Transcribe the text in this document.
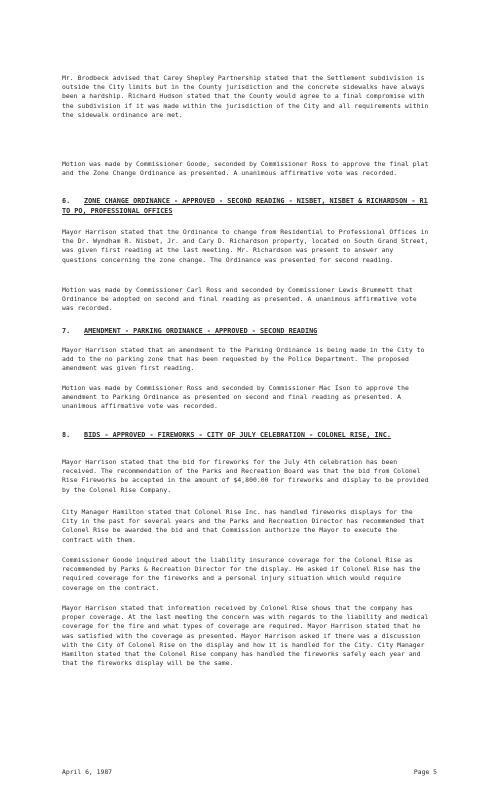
Mr. Brodbeck advised that Carey Shepley Partnership stated that the Settlement subdivision is outside the City limits but in the County jurisdiction and the concrete sidewalks have always been a hardship. Richard Hudson stated that the County would agree to a final compromise with the subdivision if it was made within the jurisdiction of the City and all requirements within the sidewalk ordinance are met.

Motion was made by Commissioner Goode, seconded by Commissioner Ross to approve the final plat and the Zone Change Ordinance as presented. A unanimous affirmative vote was recorded.

6. ZONE CHANGE ORDINANCE - APPROVED - SECOND READING - NISBET, NISBET & RICHARDSON - R1 TO PO, PROFESSIONAL OFFICES

Mayor Harrison stated that the Ordinance to change from Residential to Professional Offices in the Dr. Wyndham R. Nisbet, Jr. and Cary D. Richardson property, located on South Grand Street, was given first reading at the last meeting. Mr. Richardson was present to answer any questions concerning the zone change. The Ordinance was presented for second reading.

Motion was made by Commissioner Carl Ross and seconded by Commissioner Lewis Brummett that Ordinance be adopted on second and final reading as presented. A unanimous affirmative vote was recorded.

7. AMENDMENT - PARKING ORDINANCE - APPROVED - SECOND READING

Mayor Harrison stated that an amendment to the Parking Ordinance is being made in the City to add to the no parking zone that has been requested by the Police Department. The proposed amendment was given first reading.

Motion was made by Commissioner Ross and seconded by Commissioner Mac Ison to approve the amendment to Parking Ordinance as presented on second and final reading as presented. A unanimous affirmative vote was recorded.

8. BIDS - APPROVED - FIREWORKS - CITY OF JULY CELEBRATION - COLONEL RISE, INC.

Mayor Harrison stated that the bid for fireworks for the July 4th celebration has been received. The recommendation of the Parks and Recreation Board was that the bid from Colonel Rise Fireworks be accepted in the amount of $4,800.00 for fireworks and display to be provided by the Colonel Rise Company.

City Manager Hamilton stated that Colonel Rise Inc. has handled fireworks displays for the City in the past for several years and the Parks and Recreation Director has recommended that Colonel Rise be awarded the bid and that Commission authorize the Mayor to execute the contract with them.

Commissioner Goode inquired about the liability insurance coverage for the Colonel Rise as recommended by Parks & Recreation Director for the display. He asked if Colonel Rise has the required coverage for the fireworks and a personal injury situation which would require coverage on the contract.

Mayor Harrison stated that information received by Colonel Rise shows that the company has proper coverage. At the last meeting the concern was with regards to the liability and medical coverage for the fire and what types of coverage are required. Mayor Harrison stated that he was satisfied with the coverage as presented. Mayor Harrison asked if there was a discussion with the City of Colonel Rise on the display and how it is handled for the City. City Manager Hamilton stated that the Colonel Rise company has handled the fireworks safely each year and that the fireworks display will be the same.

April 6, 1987	Page 5
